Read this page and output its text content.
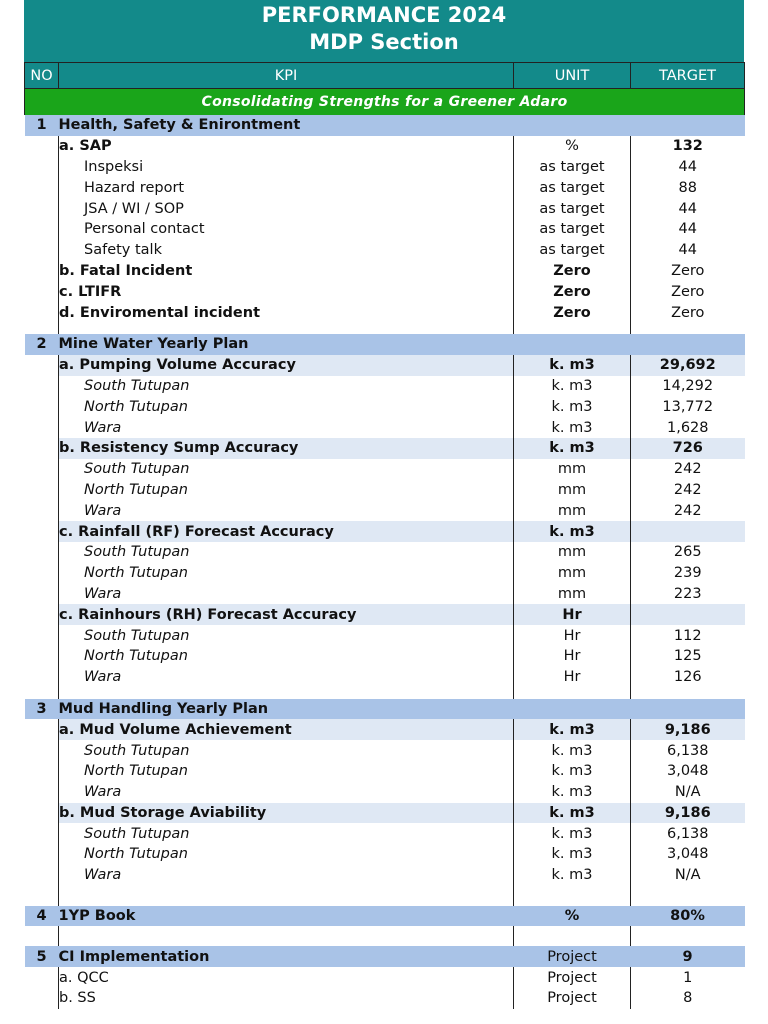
PERFORMANCE 2024
MDP Section
NO	KPI	UNIT	TARGET
Consolidating Strengths for a Greener Adaro			
1	Health, Safety & Enirontment		
	a. SAP	%	132
	Inspeksi	as target	44
	Hazard report	as target	88
	JSA / WI / SOP	as target	44
	Personal contact	as target	44
	Safety talk	as target	44
	b. Fatal Incident	Zero	Zero
	c. LTIFR	Zero	Zero
	d. Enviromental incident	Zero	Zero

2	Mine Water Yearly Plan		
	a. Pumping Volume Accuracy	k. m3	29,692
	South Tutupan	k. m3	14,292
	North Tutupan	k. m3	13,772
	Wara	k. m3	1,628
	b. Resistency Sump Accuracy	k. m3	726
	South Tutupan	mm	242
	North Tutupan	mm	242
	Wara	mm	242
	c. Rainfall (RF) Forecast Accuracy	k. m3	
	South Tutupan	mm	265
	North Tutupan	mm	239
	Wara	mm	223
	c. Rainhours (RH) Forecast Accuracy	Hr	
	South Tutupan	Hr	112
	North Tutupan	Hr	125
	Wara	Hr	126

3	Mud Handling Yearly Plan		
	a. Mud Volume Achievement	k. m3	9,186
	South Tutupan	k. m3	6,138
	North Tutupan	k. m3	3,048
	Wara	k. m3	N/A
	b. Mud Storage Aviability	k. m3	9,186
	South Tutupan	k. m3	6,138
	North Tutupan	k. m3	3,048
	Wara	k. m3	N/A

4	1YP Book	%	80%

5	CI Implementation	Project	9
	a. QCC	Project	1
	b. SS	Project	8
